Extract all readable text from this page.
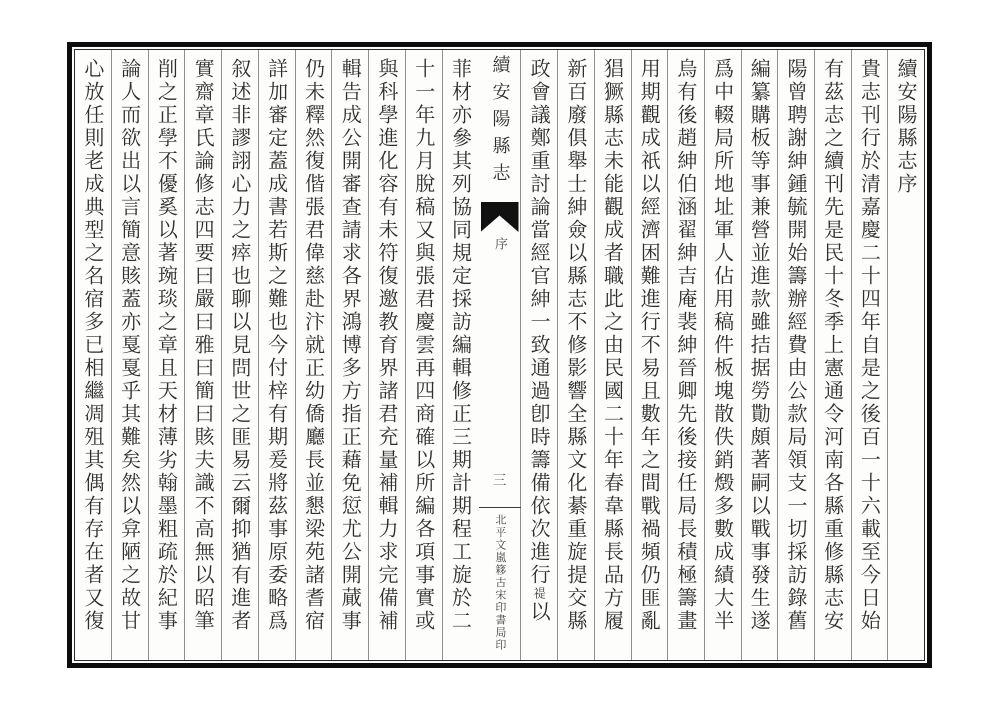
續安陽縣志序
貴志刊行於清嘉慶二十四年自是之後百一十六載至今日始
有茲志之續刊先是民十冬季上憲通令河南各縣重修縣志安
陽曾聘謝紳鍾毓開始籌辦經費由公款局領支一切採訪錄舊
編纂購板等事兼營並進款雖拮据勞勩頗著嗣以戰事發生遂
爲中輟局所地址軍人佔用稿件板塊散佚銷燬多數成績大半
烏有後趙紳伯涵翟紳吉庵裴紳晉卿先後接任局長積極籌畫
用期觀成祇以經濟困難進行不易且數年之間戰禍頻仍匪亂
猖獗縣志未能觀成者職此之由民國二十年春韋縣長品方履
新百廢俱舉士紳僉以縣志不修影響全縣文化綦重旋提交縣
政會議鄭重討論當經官紳一致通過卽時籌備依次進行禔以
續安陽縣志
序
三
北平文嵐簃古宋印書局印
菲材亦參其列協同規定採訪編輯修正三期計期程工旋於二
十一年九月脫稿又與張君慶雲再四商確以所編各項事實或
與科學進化容有未符復邀教育界諸君充量補輯力求完備補
輯告成公開審查請求各界鴻博多方指正藉免愆尤公開蕆事
仍未釋然復偕張君偉慈赴汴就正幼僑廳長並懇梁苑諸耆宿
詳加審定蓋成書若斯之難也今付梓有期爰將茲事原委略爲
叙述非謬詡心力之瘁也聊以見問世之匪易云爾抑猶有進者
實齋章氏論修志四要曰嚴曰雅曰簡曰賅夫識不高無以昭筆
削之正學不優奚以著琬琰之章且天材薄劣翰墨粗疏於紀事
論人而欲出以言簡意賅蓋亦戛戛乎其難矣然以弇陋之故甘
心放任則老成典型之名宿多已相繼凋殂其偶有存在者又復
